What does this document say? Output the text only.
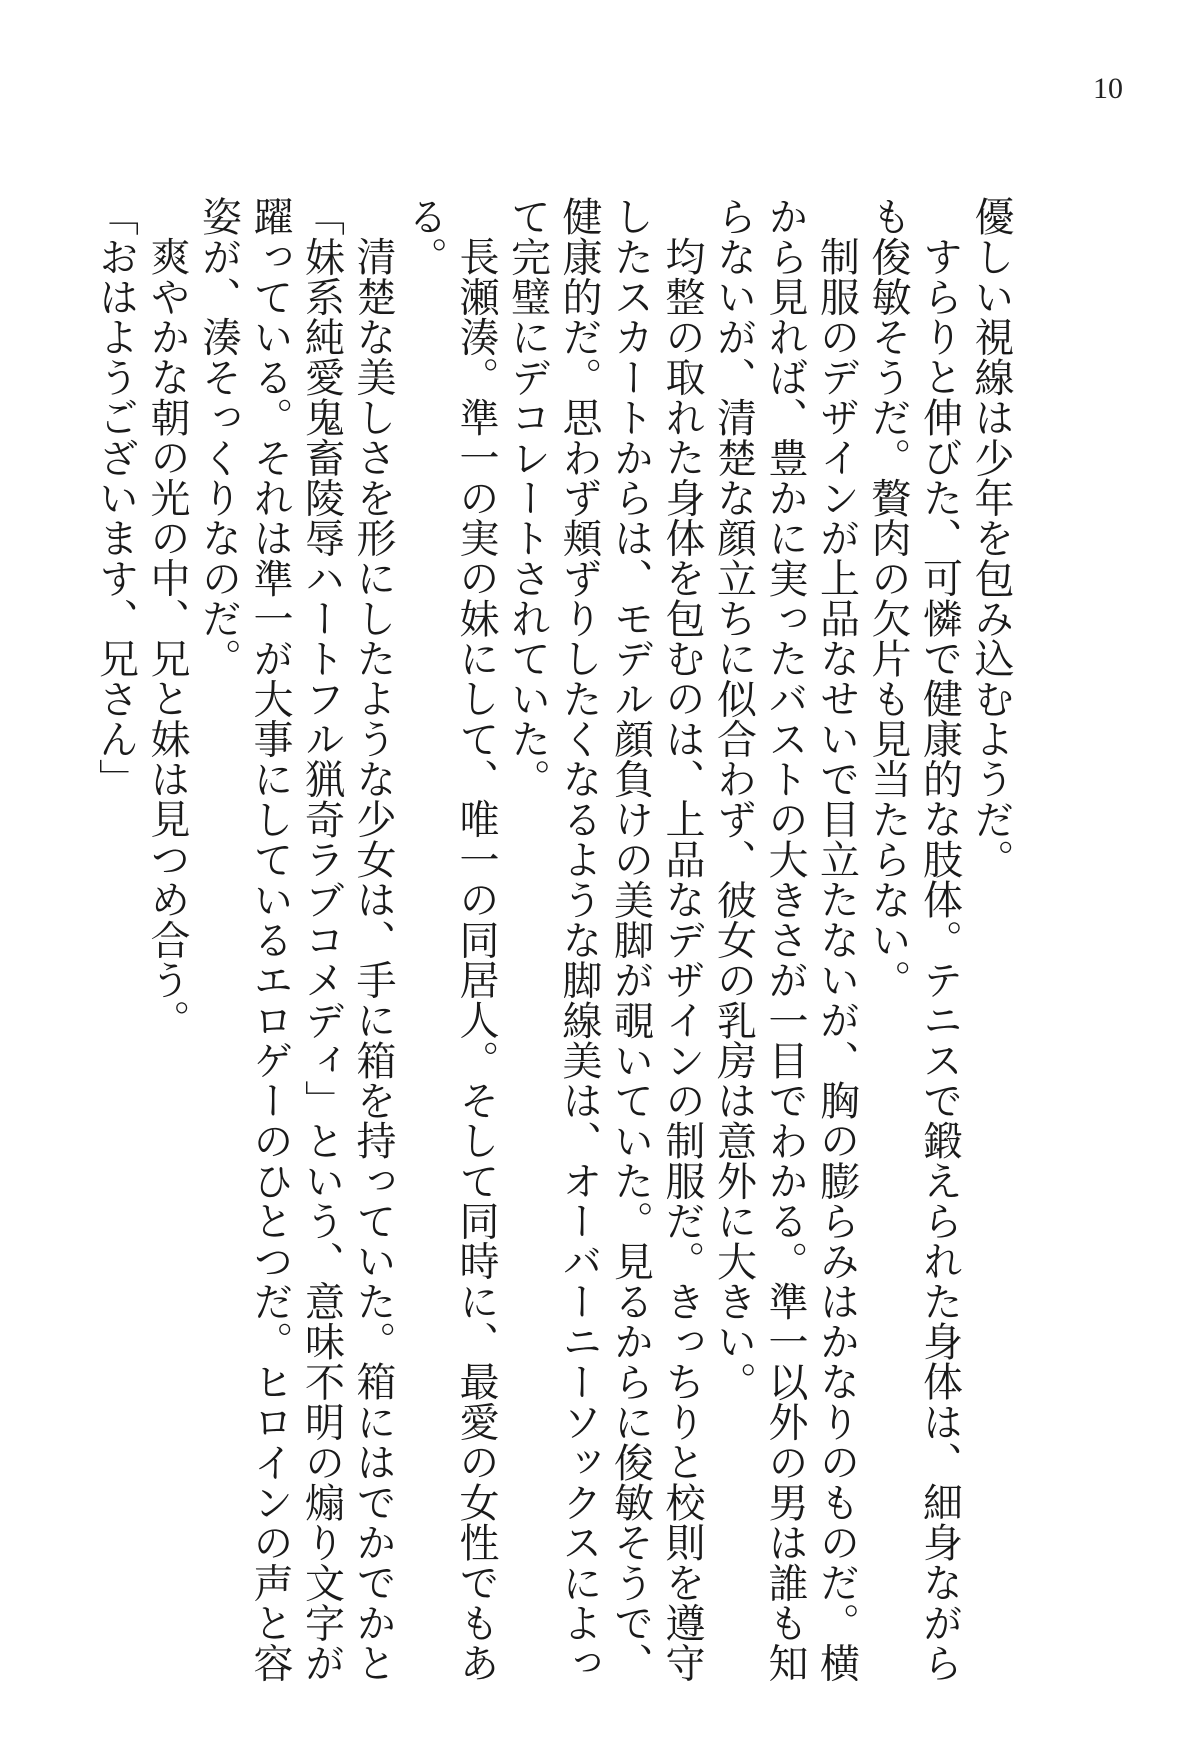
10

優しい視線は少年を包み込むようだ。

すらりと伸びた、可憐で健康的な肢体。テニスで鍛えられた身体は、細身ながらも俊敏そうだ。贅肉の欠片も見当たらない。

制服のデザインが上品なせいで目立たないが、胸の膨らみはかなりのものだ。横から見れば、豊かに実ったバストの大きさが一目でわかる。準一以外の男は誰も知らないが、清楚な顔立ちに似合わず、彼女の乳房は意外に大きい。

均整の取れた身体を包むのは、上品なデザインの制服だ。きっちりと校則を遵守したスカートからは、モデル顔負けの美脚が覗いていた。見るからに俊敏そうで、健康的だ。思わず頬ずりしたくなるような脚線美は、オーバーニーソックスによって完璧にデコレートされていた。

長瀬湊。準一の実の妹にして、唯一の同居人。そして同時に、最愛の女性でもある。

清楚な美しさを形にしたような少女は、手に箱を持っていた。箱にはでかでかと「妹系純愛鬼畜陵辱ハートフル猟奇ラブコメディ」という、意味不明の煽り文字が躍っている。それは準一が大事にしているエロゲーのひとつだ。ヒロインの声と容姿が、湊そっくりなのだ。

爽やかな朝の光の中、兄と妹は見つめ合う。

「おはようございます、兄さん」
